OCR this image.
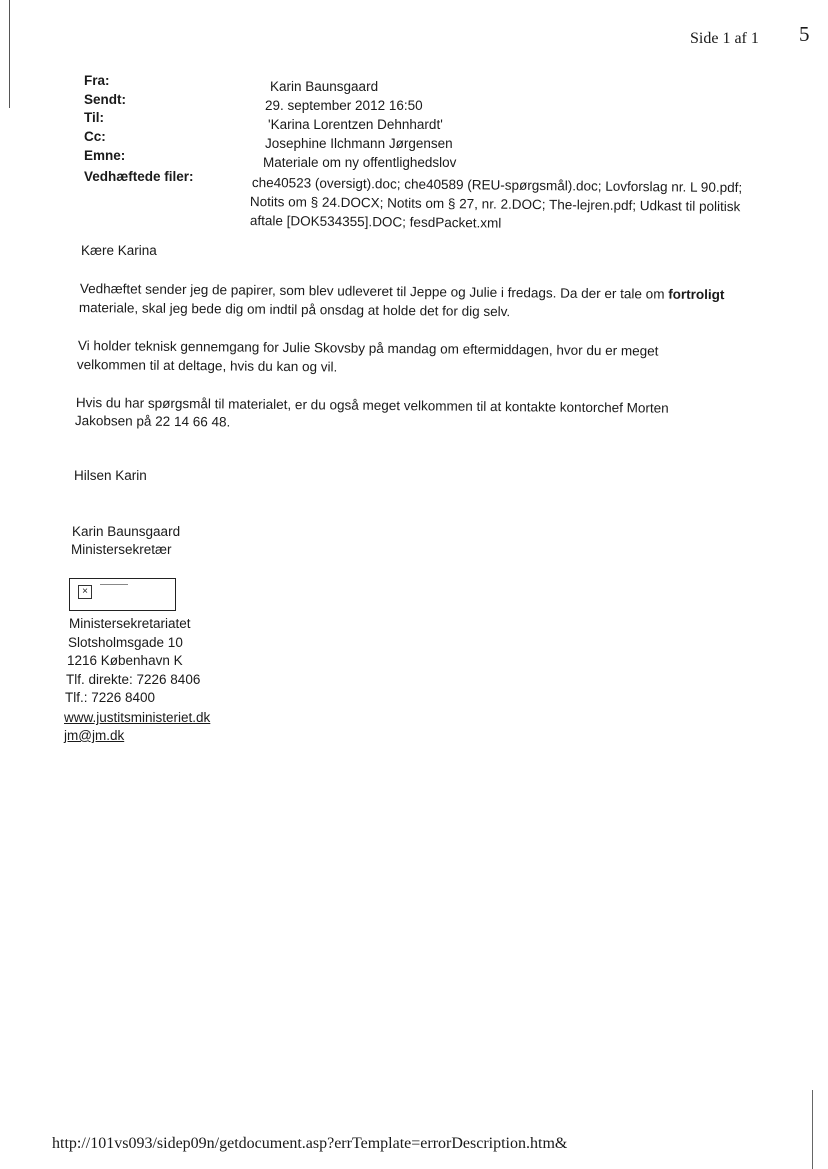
Side 1 af 1 5
Fra:	Karin Baunsgaard
Sendt:	29. september 2012 16:50
Til:	'Karina Lorentzen Dehnhardt'
Cc:	Josephine Ilchmann Jørgensen
Emne:	Materiale om ny offentlighedslov
Vedhæftede filer:	che40523 (oversigt).doc; che40589 (REU-spørgsmål).doc; Lovforslag nr. L 90.pdf;
Notits om § 24.DOCX; Notits om § 27, nr. 2.DOC; The-lejren.pdf; Udkast til politisk
aftale [DOK534355].DOC; fesdPacket.xml
Kære Karina
Vedhæftet sender jeg de papirer, som blev udleveret til Jeppe og Julie i fredags. Da der er tale om fortroligt
materiale, skal jeg bede dig om indtil på onsdag at holde det for dig selv.
Vi holder teknisk gennemgang for Julie Skovsby på mandag om eftermiddagen, hvor du er meget
velkommen til at deltage, hvis du kan og vil.
Hvis du har spørgsmål til materialet, er du også meget velkommen til at kontakte kontorchef Morten
Jakobsen på 22 14 66 48.
Hilsen Karin
Karin Baunsgaard
Ministersekretær
×
Ministersekretariatet
Slotsholmsgade 10
1216 København K
Tlf. direkte: 7226 8406
Tlf.: 7226 8400
www.justitsministeriet.dk
jm@jm.dk
http://101vs093/sidep09n/getdocument.asp?errTemplate=errorDescription.htm&
